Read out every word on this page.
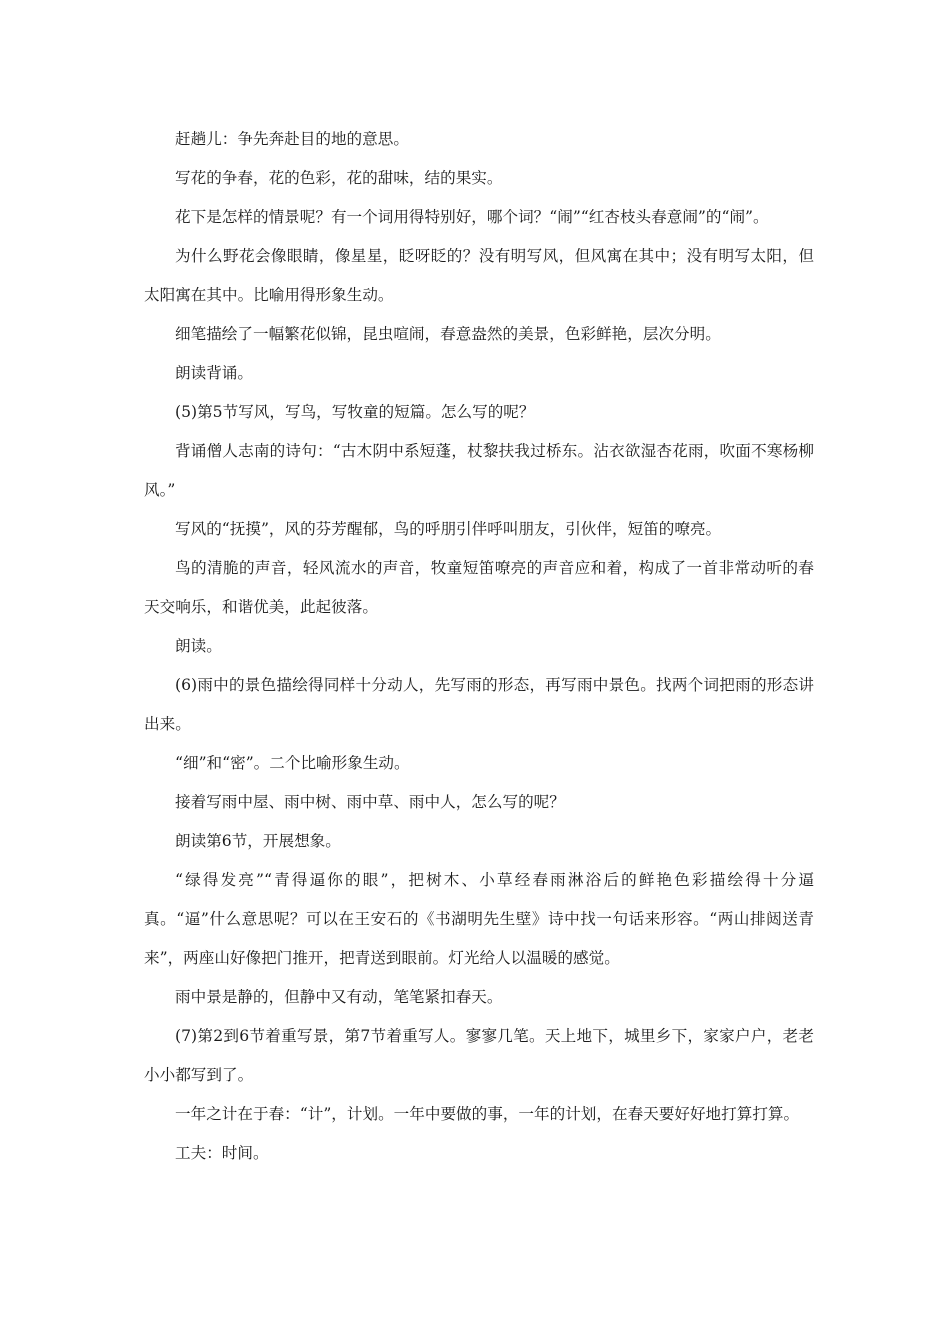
赶趟儿：争先奔赴目的地的意思。

写花的争春，花的色彩，花的甜味，结的果实。

花下是怎样的情景呢？有一个词用得特别好，哪个词？“闹”“红杏枝头春意闹”的“闹”。

为什么野花会像眼睛，像星星，眨呀眨的？没有明写风，但风寓在其中；没有明写太阳，但太阳寓在其中。比喻用得形象生动。

细笔描绘了一幅繁花似锦，昆虫喧闹，春意盎然的美景，色彩鲜艳，层次分明。

朗读背诵。

(5)第5节写风，写鸟，写牧童的短篇。怎么写的呢？

背诵僧人志南的诗句：“古木阴中系短蓬，杖黎扶我过桥东。沾衣欲湿杏花雨，吹面不寒杨柳风。”

写风的“抚摸”，风的芬芳醒郁，鸟的呼朋引伴呼叫朋友，引伙伴，短笛的嘹亮。

鸟的清脆的声音，轻风流水的声音，牧童短笛嘹亮的声音应和着，构成了一首非常动听的春天交响乐，和谐优美，此起彼落。

朗读。

(6)雨中的景色描绘得同样十分动人，先写雨的形态，再写雨中景色。找两个词把雨的形态讲出来。

“细”和“密”。二个比喻形象生动。

接着写雨中屋、雨中树、雨中草、雨中人，怎么写的呢？

朗读第6节，开展想象。

“绿得发亮”“青得逼你的眼”，把树木、小草经春雨淋浴后的鲜艳色彩描绘得十分逼真。“逼”什么意思呢？可以在王安石的《书湖明先生壁》诗中找一句话来形容。“两山排闼送青来”，两座山好像把门推开，把青送到眼前。灯光给人以温暖的感觉。

雨中景是静的，但静中又有动，笔笔紧扣春天。

(7)第2到6节着重写景，第7节着重写人。寥寥几笔。天上地下，城里乡下，家家户户，老老小小都写到了。

一年之计在于春：“计”，计划。一年中要做的事，一年的计划，在春天要好好地打算打算。

工夫：时间。
